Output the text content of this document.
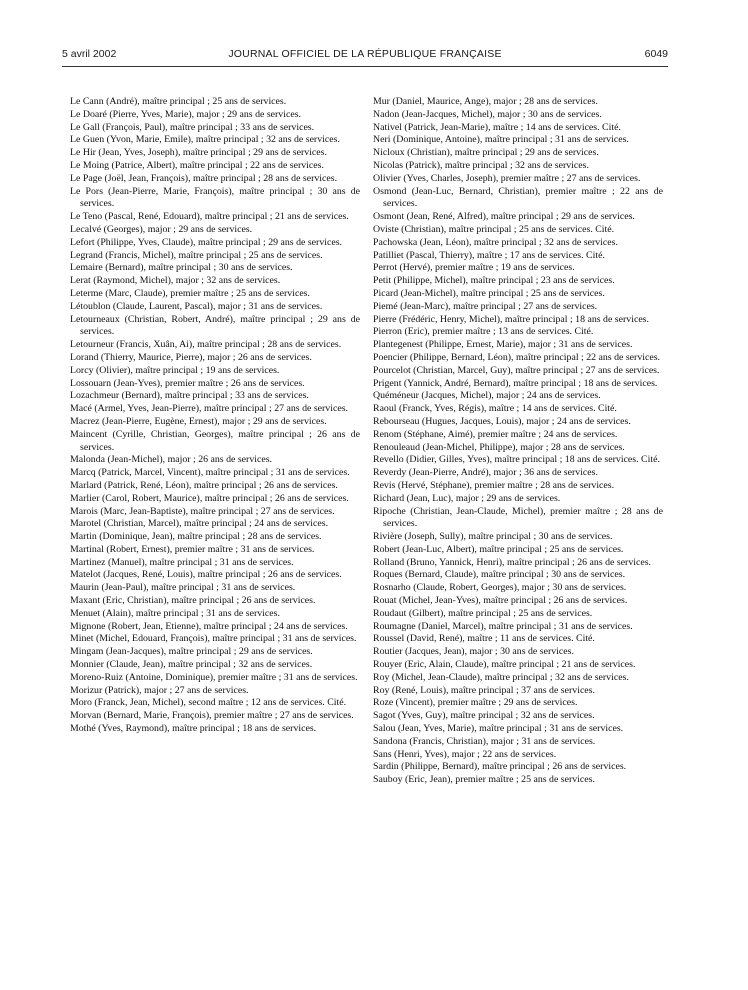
5 avril 2002	JOURNAL OFFICIEL DE LA RÉPUBLIQUE FRANÇAISE	6049
Le Cann (André), maître principal ; 25 ans de services.
Le Doaré (Pierre, Yves, Marie), major ; 29 ans de services.
Le Gall (François, Paul), maître principal ; 33 ans de services.
Le Guen (Yvon, Marie, Emile), maître principal ; 32 ans de services.
Le Hir (Jean, Yves, Joseph), maître principal ; 29 ans de services.
Le Moing (Patrice, Albert), maître principal ; 22 ans de services.
Le Page (Joël, Jean, François), maître principal ; 28 ans de services.
Le Pors (Jean-Pierre, Marie, François), maître principal ; 30 ans de services.
Le Teno (Pascal, René, Edouard), maître principal ; 21 ans de services.
Lecalvé (Georges), major ; 29 ans de services.
Lefort (Philippe, Yves, Claude), maître principal ; 29 ans de services.
Legrand (Francis, Michel), maître principal ; 25 ans de services.
Lemaire (Bernard), maître principal ; 30 ans de services.
Lerat (Raymond, Michel), major ; 32 ans de services.
Leterme (Marc, Claude), premier maître ; 25 ans de services.
Létoublon (Claude, Laurent, Pascal), major ; 31 ans de services.
Letourneaux (Christian, Robert, André), maître principal ; 29 ans de services.
Letourneur (Francis, Xuân, Ai), maître principal ; 28 ans de services.
Lorand (Thierry, Maurice, Pierre), major ; 26 ans de services.
Lorcy (Olivier), maître principal ; 19 ans de services.
Lossouarn (Jean-Yves), premier maître ; 26 ans de services.
Lozachmeur (Bernard), maître principal ; 33 ans de services.
Macé (Armel, Yves, Jean-Pierre), maître principal ; 27 ans de services.
Macrez (Jean-Pierre, Eugène, Ernest), major ; 29 ans de services.
Maincent (Cyrille, Christian, Georges), maître principal ; 26 ans de services.
Malonda (Jean-Michel), major ; 26 ans de services.
Marcq (Patrick, Marcel, Vincent), maître principal ; 31 ans de services.
Marlard (Patrick, René, Léon), maître principal ; 26 ans de services.
Marlier (Carol, Robert, Maurice), maître principal ; 26 ans de services.
Marois (Marc, Jean-Baptiste), maître principal ; 27 ans de services.
Marotel (Christian, Marcel), maître principal ; 24 ans de services.
Martin (Dominique, Jean), maître principal ; 28 ans de services.
Martinal (Robert, Ernest), premier maître ; 31 ans de services.
Martinez (Manuel), maître principal ; 31 ans de services.
Matelot (Jacques, René, Louis), maître principal ; 26 ans de services.
Maurin (Jean-Paul), maître principal ; 31 ans de services.
Maxant (Eric, Christian), maître principal ; 26 ans de services.
Menuet (Alain), maître principal ; 31 ans de services.
Mignone (Robert, Jean, Etienne), maître principal ; 24 ans de services.
Minet (Michel, Edouard, François), maître principal ; 31 ans de services.
Mingam (Jean-Jacques), maître principal ; 29 ans de services.
Monnier (Claude, Jean), maître principal ; 32 ans de services.
Moreno-Ruiz (Antoine, Dominique), premier maître ; 31 ans de services.
Morizur (Patrick), major ; 27 ans de services.
Moro (Franck, Jean, Michel), second maître ; 12 ans de services. Cité.
Morvan (Bernard, Marie, François), premier maître ; 27 ans de services.
Mothé (Yves, Raymond), maître principal ; 18 ans de services.
Mur (Daniel, Maurice, Ange), major ; 28 ans de services.
Nadon (Jean-Jacques, Michel), major ; 30 ans de services.
Nativel (Patrick, Jean-Marie), maître ; 14 ans de services. Cité.
Neri (Dominique, Antoine), maître principal ; 31 ans de services.
Nicloux (Christian), maître principal ; 29 ans de services.
Nicolas (Patrick), maître principal ; 32 ans de services.
Olivier (Yves, Charles, Joseph), premier maître ; 27 ans de services.
Osmond (Jean-Luc, Bernard, Christian), premier maître ; 22 ans de services.
Osmont (Jean, René, Alfred), maître principal ; 29 ans de services.
Oviste (Christian), maître principal ; 25 ans de services. Cité.
Pachowska (Jean, Léon), maître principal ; 32 ans de services.
Patilliet (Pascal, Thierry), maître ; 17 ans de services. Cité.
Perrot (Hervé), premier maître ; 19 ans de services.
Petit (Philippe, Michel), maître principal ; 23 ans de services.
Picard (Jean-Michel), maître principal ; 25 ans de services.
Piemé (Jean-Marc), maître principal ; 27 ans de services.
Pierre (Frédéric, Henry, Michel), maître principal ; 18 ans de services.
Pierron (Eric), premier maître ; 13 ans de services. Cité.
Plantegenest (Philippe, Ernest, Marie), major ; 31 ans de services.
Poencier (Philippe, Bernard, Léon), maître principal ; 22 ans de services.
Pourcelot (Christian, Marcel, Guy), maître principal ; 27 ans de services.
Prigent (Yannick, André, Bernard), maître principal ; 18 ans de services.
Quéméneur (Jacques, Michel), major ; 24 ans de services.
Raoul (Franck, Yves, Régis), maître ; 14 ans de services. Cité.
Rebourseau (Hugues, Jacques, Louis), major ; 24 ans de services.
Renom (Stéphane, Aimé), premier maître ; 24 ans de services.
Renouleaud (Jean-Michel, Philippe), major ; 28 ans de services.
Revello (Didier, Gilles, Yves), maître principal ; 18 ans de services. Cité.
Reverdy (Jean-Pierre, André), major ; 36 ans de services.
Revis (Hervé, Stéphane), premier maître ; 28 ans de services.
Richard (Jean, Luc), major ; 29 ans de services.
Ripoche (Christian, Jean-Claude, Michel), premier maître ; 28 ans de services.
Rivière (Joseph, Sully), maître principal ; 30 ans de services.
Robert (Jean-Luc, Albert), maître principal ; 25 ans de services.
Rolland (Bruno, Yannick, Henri), maître principal ; 26 ans de services.
Roques (Bernard, Claude), maître principal ; 30 ans de services.
Rosnarho (Claude, Robert, Georges), major ; 30 ans de services.
Rouat (Michel, Jean-Yves), maître principal ; 26 ans de services.
Roudaut (Gilbert), maître principal ; 25 ans de services.
Roumagne (Daniel, Marcel), maître principal ; 31 ans de services.
Roussel (David, René), maître ; 11 ans de services. Cité.
Routier (Jacques, Jean), major ; 30 ans de services.
Rouyer (Eric, Alain, Claude), maître principal ; 21 ans de services.
Roy (Michel, Jean-Claude), maître principal ; 32 ans de services.
Roy (René, Louis), maître principal ; 37 ans de services.
Roze (Vincent), premier maître ; 29 ans de services.
Sagot (Yves, Guy), maître principal ; 32 ans de services.
Salou (Jean, Yves, Marie), maître principal ; 31 ans de services.
Sandona (Francis, Christian), major ; 31 ans de services.
Sans (Henri, Yves), major ; 22 ans de services.
Sardin (Philippe, Bernard), maître principal ; 26 ans de services.
Sauboy (Eric, Jean), premier maître ; 25 ans de services.
